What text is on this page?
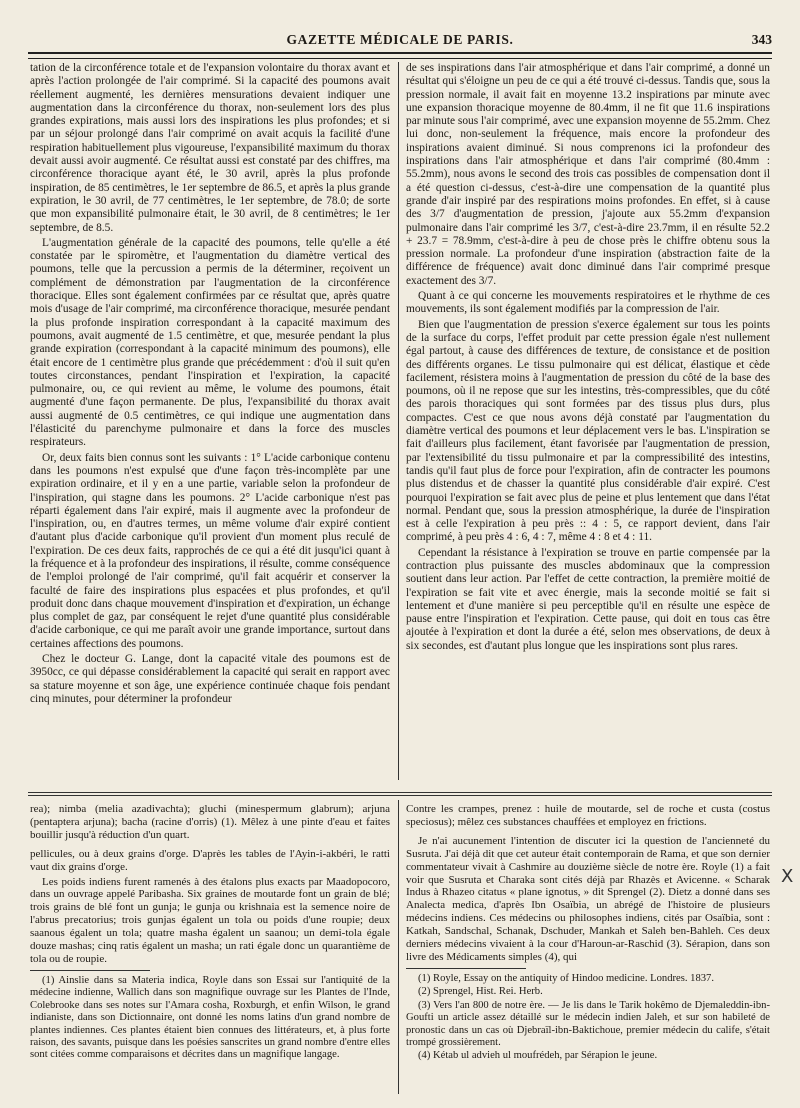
GAZETTE MÉDICALE DE PARIS.	343

tation de la circonférence totale et de l'expansion volontaire du thorax avant et après l'action prolongée de l'air comprimé. Si la capacité des poumons avait réellement augmenté, les dernières mensurations devaient indiquer une augmentation dans la circonférence du thorax, non-seulement lors des plus grandes expirations, mais aussi lors des inspirations les plus profondes; et si par un séjour prolongé dans l'air comprimé on avait acquis la facilité d'une respiration habituellement plus vigoureuse, l'expansibilité maximum du thorax devait aussi avoir augmenté. Ce résultat aussi est constaté par des chiffres, ma circonférence thoracique ayant été, le 30 avril, après la plus profonde inspiration, de 85 centimètres, le 1er septembre de 86.5, et après la plus grande expiration, le 30 avril, de 77 centimètres, le 1er septembre, de 78.0; de sorte que mon expansibilité pulmonaire était, le 30 avril, de 8 centimètres; le 1er septembre, de 8.5.

L'augmentation générale de la capacité des poumons, telle qu'elle a été constatée par le spiromètre, et l'augmentation du diamètre vertical des poumons, telle que la percussion a permis de la déterminer, reçoivent un complément de démonstration par l'augmentation de la circonférence thoracique. Elles sont également confirmées par ce résultat que, après quatre mois d'usage de l'air comprimé, ma circonférence thoracique, mesurée pendant la plus profonde inspiration correspondant à la capacité maximum des poumons, avait augmenté de 1.5 centimètre, et que, mesurée pendant la plus grande expiration (correspondant à la capacité minimum des poumons), elle était encore de 1 centimètre plus grande que précédemment : d'où il suit qu'en toutes circonstances, pendant l'inspiration et l'expiration, la capacité pulmonaire, ou, ce qui revient au même, le volume des poumons, était augmenté d'une façon permanente. De plus, l'expansibilité du thorax avait aussi augmenté de 0.5 centimètres, ce qui indique une augmentation dans l'élasticité du parenchyme pulmonaire et dans la force des muscles respirateurs.

Or, deux faits bien connus sont les suivants : 1° L'acide carbonique contenu dans les poumons n'est expulsé que d'une façon très-incomplète par une expiration ordinaire, et il y en a une partie, variable selon la profondeur de l'inspiration, qui stagne dans les poumons. 2° L'acide carbonique n'est pas réparti également dans l'air expiré, mais il augmente avec la profondeur de l'inspiration, ou, en d'autres termes, un même volume d'air expiré contient d'autant plus d'acide carbonique qu'il provient d'un moment plus reculé de l'expiration. De ces deux faits, rapprochés de ce qui a été dit jusqu'ici quant à la fréquence et à la profondeur des inspirations, il résulte, comme conséquence de l'emploi prolongé de l'air comprimé, qu'il fait acquérir et conserver la faculté de faire des inspirations plus espacées et plus profondes, et qu'il produit donc dans chaque mouvement d'inspiration et d'expiration, un échange plus complet de gaz, par conséquent le rejet d'une quantité plus considérable d'acide carbonique, ce qui me paraît avoir une grande importance, surtout dans certaines affections des poumons.

Chez le docteur G. Lange, dont la capacité vitale des poumons est de 3950cc, ce qui dépasse considérablement la capacité qui serait en rapport avec sa stature moyenne et son âge, une expérience continuée chaque fois pendant cinq minutes, pour déterminer la profondeur

de ses inspirations dans l'air atmosphérique et dans l'air comprimé, a donné un résultat qui s'éloigne un peu de ce qui a été trouvé ci-dessus. Tandis que, sous la pression normale, il avait fait en moyenne 13.2 inspirations par minute avec une expansion thoracique moyenne de 80.4mm, il ne fit que 11.6 inspirations par minute sous l'air comprimé, avec une expansion moyenne de 55.2mm. Chez lui donc, non-seulement la fréquence, mais encore la profondeur des inspirations avaient diminué. Si nous comprenons ici la profondeur des inspirations dans l'air atmosphérique et dans l'air comprimé (80.4mm : 55.2mm), nous avons le second des trois cas possibles de compensation dont il a été question ci-dessus, c'est-à-dire une compensation de la quantité plus grande d'air inspiré par des respirations moins profondes. En effet, si à cause des 3/7 d'augmentation de pression, j'ajoute aux 55.2mm d'expansion pulmonaire dans l'air comprimé les 3/7, c'est-à-dire 23.7mm, il en résulte 52.2 + 23.7 = 78.9mm, c'est-à-dire à peu de chose près le chiffre obtenu sous la pression normale. La profondeur d'une inspiration (abstraction faite de la différence de fréquence) avait donc diminué dans l'air comprimé presque exactement des 3/7.

Quant à ce qui concerne les mouvements respiratoires et le rhythme de ces mouvements, ils sont également modifiés par la compression de l'air.

Bien que l'augmentation de pression s'exerce également sur tous les points de la surface du corps, l'effet produit par cette pression égale n'est nullement égal partout, à cause des différences de texture, de consistance et de position des différents organes. Le tissu pulmonaire qui est délicat, élastique et cède facilement, résistera moins à l'augmentation de pression du côté de la base des poumons, où il ne repose que sur les intestins, très-compressibles, que du côté des parois thoraciques qui sont formées par des tissus plus durs, plus compactes. C'est ce que nous avons déjà constaté par l'augmentation du diamètre vertical des poumons et leur déplacement vers le bas. L'inspiration se fait d'ailleurs plus facilement, étant favorisée par l'augmentation de pression, par l'extensibilité du tissu pulmonaire et par la compressibilité des intestins, tandis qu'il faut plus de force pour l'expiration, afin de contracter les poumons plus distendus et de chasser la quantité plus considérable d'air expiré. C'est pourquoi l'expiration se fait avec plus de peine et plus lentement que dans l'état normal. Pendant que, sous la pression atmosphérique, la durée de l'inspiration est à celle l'expiration à peu près :: 4 : 5, ce rapport devient, dans l'air comprimé, à peu près 4 : 6, 4 : 7, même 4 : 8 et 4 : 11.

Cependant la résistance à l'expiration se trouve en partie compensée par la contraction plus puissante des muscles abdominaux que la compression soutient dans leur action. Par l'effet de cette contraction, la première moitié de l'expiration se fait vite et avec énergie, mais la seconde moitié se fait si lentement et d'une manière si peu perceptible qu'il en résulte une espèce de pause entre l'inspiration et l'expiration. Cette pause, qui doit en tous cas être ajoutée à l'expiration et dont la durée a été, selon mes observations, de deux à six secondes, est d'autant plus longue que les inspirations sont plus rares.

rea); nimba (melia azadivachta); gluchi (minespermum glabrum); arjuna (pentaptera arjuna); bacha (racine d'orris) (1). Mêlez à une pinte d'eau et faites bouillir jusqu'à réduction d'un quart.

pellicules, ou à deux grains d'orge. D'après les tables de l'Ayin-i-akbéri, le ratti vaut dix grains d'orge.

Les poids indiens furent ramenés à des étalons plus exacts par Maadopocoro, dans un ouvrage appelé Paribasha. Six graines de moutarde font un grain de blé; trois grains de blé font un gunja; le gunja ou krishnaia est la semence noire de l'abrus precatorius; trois gunjas égalent un tola ou poids d'une roupie; deux saanous égalent un tola; quatre masha égalent un saanou; un demi-tola égale douze mashas; cinq ratis égalent un masha; un rati égale donc un quarantième de tola ou de roupie.

(1) Ainslie dans sa Materia indica, Royle dans son Essai sur l'antiquité de la médecine indienne, Wallich dans son magnifique ouvrage sur les Plantes de l'Inde, Colebrooke dans ses notes sur l'Amara cosha, Roxburgh, et enfin Wilson, le grand indianiste, dans son Dictionnaire, ont donné les noms latins d'un grand nombre de plantes indiennes. Ces plantes étaient bien connues des littérateurs, et, à plus forte raison, des savants, puisque dans les poésies sanscrites un grand nombre d'entre elles sont citées comme comparaisons et décrites dans un magnifique langage.

Contre les crampes, prenez : huile de moutarde, sel de roche et custa (costus speciosus); mêlez ces substances chauffées et employez en frictions.

Je n'ai aucunement l'intention de discuter ici la question de l'ancienneté du Susruta. J'ai déjà dit que cet auteur était contemporain de Rama, et que son dernier commentateur vivait à Cashmire au douzième siècle de notre ère. Royle (1) a fait voir que Susruta et Charaka sont cités déjà par Rhazès et Avicenne. « Scharak Indus à Rhazeo citatus « plane ignotus, » dit Sprengel (2). Dietz a donné dans ses Analecta medica, d'après Ibn Osaïbia, un abrégé de l'histoire de plusieurs médecins indiens. Ces médecins ou philosophes indiens, cités par Osaïbia, sont : Katkah, Sandschal, Schanak, Dschuder, Mankah et Saleh ben-Bahleh. Ces deux derniers médecins vivaient à la cour d'Haroun-ar-Raschid (3). Sérapion, dans son livre des Médicaments simples (4), qui

(1) Royle, Essay on the antiquity of Hindoo medicine. Londres. 1837.

(2) Sprengel, Hist. Rei. Herb.

(3) Vers l'an 800 de notre ère. — Je lis dans le Tarik hokêmo de Djemaleddin-ibn-Goufti un article assez détaillé sur le médecin indien Jaleh, et sur son habileté de pronostic dans un cas où Djebraïl-ibn-Baktichoue, premier médecin du calife, s'était trompé grossièrement.

(4) Kétab ul advieh ul moufrédeh, par Sérapion le jeune.

X
